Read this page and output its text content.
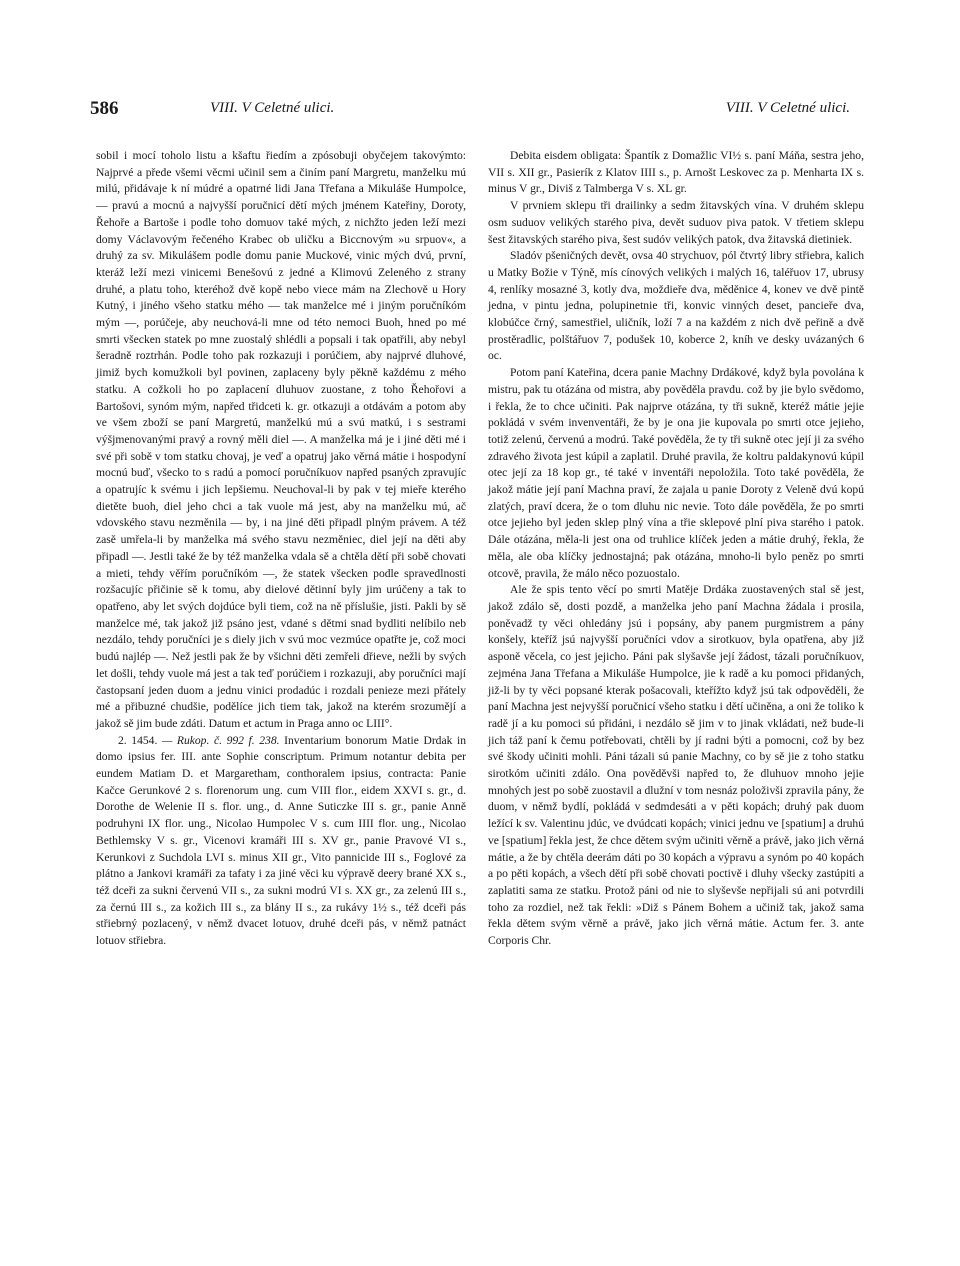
586	VIII. V Celetné ulici.	VIII. V Celetné ulici.

sobil i mocí toholo listu a kšaftu řiedím a zpósobuji obyčejem takovýmto: Najprvé a přede všemi věcmi učinil sem a činím paní Margretu, manželku mú milú, přidávaje k ní múdré a opatrné lidi Jana Třefana a Mikuláše Humpolce, — pravú a mocnú a najvyšší poručnicí dětí mých jménem Kateřiny, Doroty, Řehoře a Bartoše i podle toho domuov také mých, z nichžto jeden leží mezi domy Václavovým řečeného Krabec ob uličku a Biccnovým »u srpuov«, a druhý za sv. Mikulášem podle domu panie Muckové, vinic mých dvú, první, kteráž leží mezi vinicemi Benešovú z jedné a Klimovú Zeleného z strany druhé, a platu toho, kteréhož dvě kopě nebo viece mám na Zlechově u Hory Kutný, i jiného všeho statku mého — tak manželce mé i jiným poručníkóm mým —, porúčeje, aby neuchová-li mne od této nemoci Buoh, hned po mé smrti všecken statek po mne zuostalý shlédli a popsali i tak opatřili, aby nebyl šeradně roztrhán. Podle toho pak rozkazuji i porúčiem, aby najprvé dluhové, jimiž bych komužkoli byl povinen, zaplaceny byly pěkně každému z mého statku. A cožkoli ho po zaplacení dluhuov zuostane, z toho Řehořovi a Bartošovi, synóm mým, napřed třidceti k. gr. otkazuji a otdávám a potom aby ve všem zboží se paní Margretú, manželkú mú a svú matkú, i s sestrami výšjmenovanými pravý a rovný měli diel —. A manželka má je i jiné děti mé i své při sobě v tom statku chovaj, je veď a opatruj jako věrná mátie i hospodyní mocnú buď, všecko to s radú a pomocí poručníkuov napřed psaných zpravujíc a opatrujíc k svému i jich lepšiemu. Neuchoval-li by pak v tej mieře kterého dietěte buoh, diel jeho chci a tak vuole má jest, aby na manželku mú, ač vdovského stavu nezměnila — by, i na jiné děti připadl plným právem. A též zasě umřela-li by manželka má svého stavu nezměniec, diel její na děti aby připadl —. Jestli také že by též manželka vdala sě a chtěla dětí při sobě chovati a mieti, tehdy věřím poručníkóm —, že statek všecken podle spravedlnosti rozšacujíc přičinie sě k tomu, aby dielové dětinní byly jim urúčeny a tak to opatřeno, aby let svých dojdúce byli tiem, což na ně příslušie, jisti. Pakli by sě manželce mé, tak jakož již psáno jest, vdané s dětmi snad bydliti nelíbilo neb nezdálo, tehdy poručníci je s diely jich v svú moc vezmúce opatřte je, což moci budú najlép —. Než jestli pak že by všichni děti zemřeli dřieve, nežli by svých let došli, tehdy vuole má jest a tak teď porúčiem i rozkazuji, aby poručníci mají častopsaní jeden duom a jednu vinici prodadúc i rozdali penieze mezi přátely mé a přibuzné chudšie, podělíce jich tiem tak, jakož na kterém srozumějí a jakož sě jim bude zdáti. Datum et actum in Praga anno oc LIII°.

2. 1454. — Rukop. č. 992 f. 238. Inventarium bonorum Matie Drdak in domo ipsius fer. III. ante Sophie conscriptum. Primum notantur debita per eundem Matiam D. et Margaretham, conthoralem ipsius, contracta: Panie Kačce Gerunkové 2 s. florenorum ung. cum VIII flor., eidem XXVI s. gr., d. Dorothe de Welenie II s. flor. ung., d. Anne Suticzke III s. gr., panie Anně podruhyni IX flor. ung., Nicolao Humpolec V s. cum IIII flor. ung., Nicolao Bethlemsky V s. gr., Vicenovi kramáři III s. XV gr., panie Pravové VI s., Kerunkovi z Suchdola LVI s. minus XII gr., Vito pannicide III s., Foglové za plátno a Jankovi kramáři za tafaty i za jiné věci ku výpravě deery brané XX s., též dceři za sukni červenú VII s., za sukni modrú VI s. XX gr., za zelenú III s., za černú III s., za kožich III s., za blány II s., za rukávy 1½ s., též dceři pás střiebrný pozlacený, v němž dvacet lotuov, druhé dceři pás, v němž patnáct lotuov střiebra.

Debita eisdem obligata: Špantík z Domažlic VI½ s. paní Máňa, sestra jeho, VII s. XII gr., Pasierík z Klatov IIII s., p. Arnošt Leskovec za p. Menharta IX s. minus V gr., Diviš z Talmberga V s. XL gr.

V prvniem sklepu tři drailinky a sedm žitavských vína. V druhém sklepu osm suduov velikých starého piva, devět suduov piva patok. V třetiem sklepu šest žitavských starého piva, šest sudóv velikých patok, dva žitavská dietiniek.

Sladóv pšeničných devět, ovsa 40 strychuov, pól čtvrtý libry střiebra, kalich u Matky Božie v Týně, mís cínových velikých i malých 16, taléřuov 17, ubrusy 4, renlíky mosazné 3, kotly dva, moždieře dva, měděnice 4, konev ve dvě pintě jedna, v pintu jedna, polupinetnie tři, konvic vinných deset, pancieře dva, klobúčce črný, samestřiel, uličník, loží 7 a na každém z nich dvě peřině a dvě prostěradlic, polštářuov 7, podušek 10, koberce 2, kníh ve desky uvázaných 6 oc.

Potom paní Kateřina, dcera panie Machny Drdákové, když byla povolána k mistru, pak tu otázána od mistra, aby pověděla pravdu. což by jie bylo svědomo, i řekla, že to chce učiniti. Pak najprve otázána, ty tři sukně, kteréž mátie jejie pokládá v svém invenventáři, že by je ona jie kupovala po smrti otce jejieho, totiž zelenú, červenú a modrú. Také pověděla, že ty tři sukně otec její ji za svého zdravého života jest kúpil a zaplatil. Druhé pravila, že koltru paldakynovú kúpil otec její za 18 kop gr., té také v inventáři nepoložila. Toto také pověděla, že jakož mátie její paní Machna praví, že zajala u panie Doroty z Veleně dvú kopú zlatých, praví dcera, že o tom dluhu nic nevie. Toto dále pověděla, že po smrti otce jejieho byl jeden sklep plný vína a třie sklepové plní piva starého i patok. Dále otázána, měla-li jest ona od truhlice klíček jeden a mátie druhý, řekla, že měla, ale oba klíčky jednostajná; pak otázána, mnoho-li bylo peněz po smrti otcově, pravila, že málo něco pozuostalo.

Ale že spis tento věcí po smrti Matěje Drdáka zuostavených stal sě jest, jakož zdálo sě, dosti pozdě, a manželka jeho paní Machna žádala i prosila, poněvadž ty věci ohledány jsú i popsány, aby panem purgmistrem a pány konšely, kteříž jsú najvyšší poručníci vdov a sirotkuov, byla opatřena, aby již asponě věcela, co jest jejicho. Páni pak slyšavše její žádost, tázali poručníkuov, zejména Jana Třefana a Mikuláše Humpolce, jie k radě a ku pomoci přidaných, již-li by ty věci popsané kterak pošacovali, kteřížto když jsú tak odpověděli, že paní Machna jest nejvyšší poručnicí všeho statku i dětí učiněna, a oni že toliko k radě jí a ku pomoci sú přidáni, i nezdálo sě jim v to jinak vkládati, než bude-li jich táž paní k čemu potřebovati, chtěli by jí radni býti a pomocni, což by bez své škody učiniti mohli. Páni tázali sú panie Machny, co by sě jie z toho statku sirotkóm učiniti zdálo. Ona pověděvši napřed to, že dluhuov mnoho jejie mnohých jest po sobě zuostavil a dlužní v tom nesnáz položivši zpravila pány, že duom, v němž bydlí, pokládá v sedmdesáti a v pěti kopách; druhý pak duom ležící k sv. Valentinu jdúc, ve dvúdcati kopách; vinici jednu ve [spatium] a druhú ve [spatium] řekla jest, že chce dětem svým učiniti věrně a právě, jako jich věrná mátie, a že by chtěla deerám dáti po 30 kopách a výpravu a synóm po 40 kopách a po pěti kopách, a všech dětí při sobě chovati poctivě i dluhy všecky zastúpiti a zaplatiti sama ze statku. Protož páni od nie to slyševše nepřijali sú ani potvrdili toho za rozdiel, než tak řekli: »Diž s Pánem Bohem a učiniž tak, jakož sama řekla dětem svým věrně a právě, jako jich věrná mátie. Actum fer. 3. ante Corporis Chr.
